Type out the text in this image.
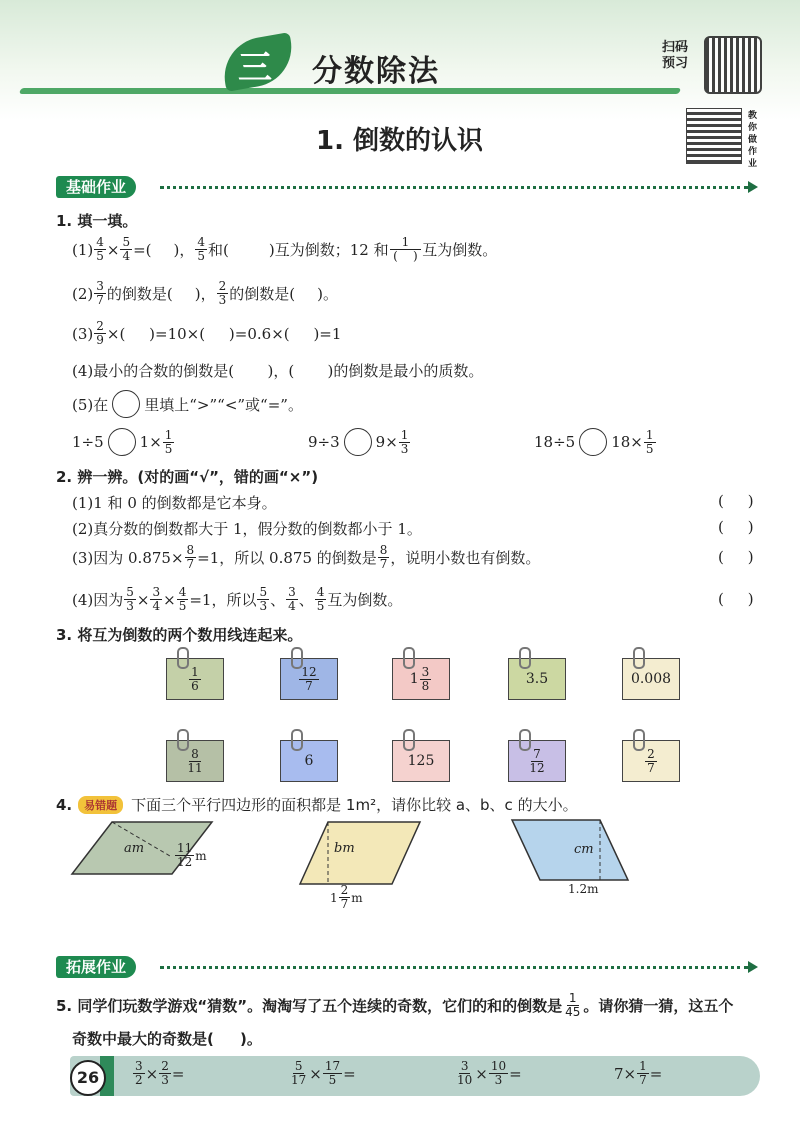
三 分数除法
扫码
预习
1. 倒数的认识
教
你
做
作
业
基础作业
1. 填一填。
$(1) \frac{4}{5} \times \frac{5}{4}$ =( )， $\frac{4}{5}$ 和(	)互为倒数；12 和 $\frac{1}{( )}$ 互为倒数。
$(2) \frac{3}{7}$ 的倒数是( )， $\frac{2}{3}$ 的倒数是( )。
$(3) \frac{2}{9}$ ×(     )=10×(     )=0.6×(     )=1
(4)最小的合数的倒数是(       )，(       )的倒数是最小的质数。
(5)在 里填上“>”“<”或“=”。
1÷5 $1\times \frac{1}{5}$	9÷3 $9\times \frac{1}{3}$	18÷5 $18\times \frac{1}{5}$
2. 辨一辨。(对的画“√”，错的画“×”)
(1)1 和 0 的倒数都是它本身。	(     )
(2)真分数的倒数都大于 1，假分数的倒数都小于 1。	(     )
(3)因为 $0.875\times \frac{8}{7} =1$，所以 0.875 的倒数是 $\frac{8}{7}$ ，说明小数也有倒数。	(     )
(4)因为 $\frac{5}{3} \times \frac{3}{4} \times \frac{4}{5} =1$，所以 $\frac{5}{3}$ 、 $\frac{3}{4}$ 、 $\frac{4}{5}$ 互为倒数。	(     )
3. 将互为倒数的两个数用线连起来。
$\frac{1}{6}$	$\frac{12}{7}$	$1 \frac{3}{8}$	3.5	0.008
$\frac{8}{11}$	6	125	$\frac{7}{12}$	$\frac{2}{7}$
4.	易错题 下面三个平行四边形的面积都是 1m²，请你比较 a、b、c 的大小。
am	$\frac{11}{12}$ m	bm
$1 \frac{2}{7}$ m
cm
1.2m
拓展作业
5. 同学们玩数学游戏“猜数”。淘淘写了五个连续的奇数，它们的和的倒数是 $\frac{1}{45}$ 。请你猜一猜，这五个
奇数中最大的奇数是(     )。
26	$\frac{3}{2} \times \frac{2}{3}$ =	$\frac{5}{17} \times \frac{17}{5}$ =	$\frac{3}{10} \times \frac{10}{3}$ =	$7\times \frac{1}{7}$ =
